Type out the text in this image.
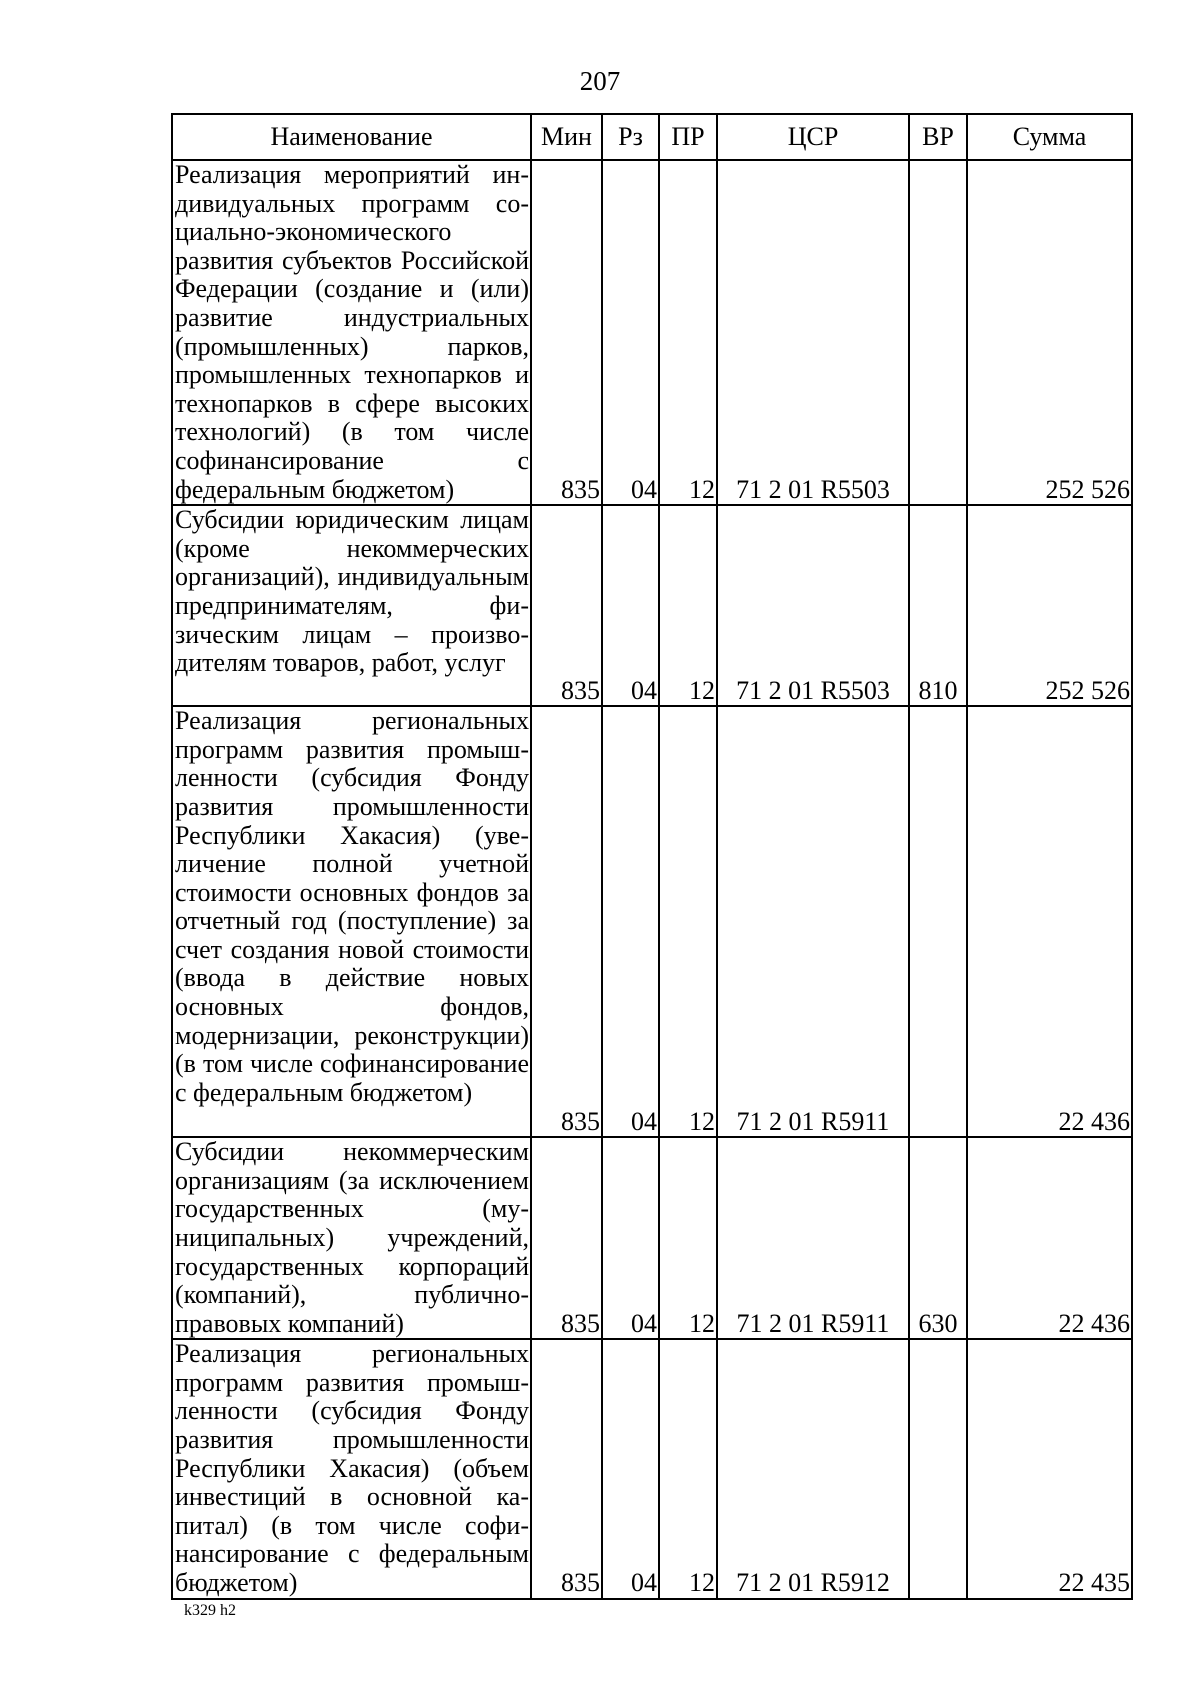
207
Наименование	Мин	Рз	ПР	ЦСР	ВР	Сумма
Реализация мероприятий индивидуальных программ социально-экономического развития субъектов Российской Федерации (создание и (или) развитие индустриальных (промышленных) парков, промышленных технопарков и технопарков в сфере высоких технологий) (в том числе софинансирование с федеральным бюджетом)	835	04	12	71 2 01 R5503		252 526
Субсидии юридическим лицам (кроме некоммерческих организаций), индивидуальным предпринимателям, физическим лицам – производителям товаров, работ, услуг	835	04	12	71 2 01 R5503	810	252 526
Реализация региональных программ развития промышленности (субсидия Фонду развития промышленности Республики Хакасия) (увеличение полной учетной стоимости основных фондов за отчетный год (поступление) за счет создания новой стоимости (ввода в действие новых основных фондов, модернизации, реконструкции) (в том числе софинансирование с федеральным бюджетом)	835	04	12	71 2 01 R5911		22 436
Субсидии некоммерческим организациям (за исключением государственных (муниципальных) учреждений, государственных корпораций (компаний), публично-правовых компаний)	835	04	12	71 2 01 R5911	630	22 436
Реализация региональных программ развития промышленности (субсидия Фонду развития промышленности Республики Хакасия) (объем инвестиций в основной капитал) (в том числе софинансирование с федеральным бюджетом)	835	04	12	71 2 01 R5912		22 435
k329 h2
